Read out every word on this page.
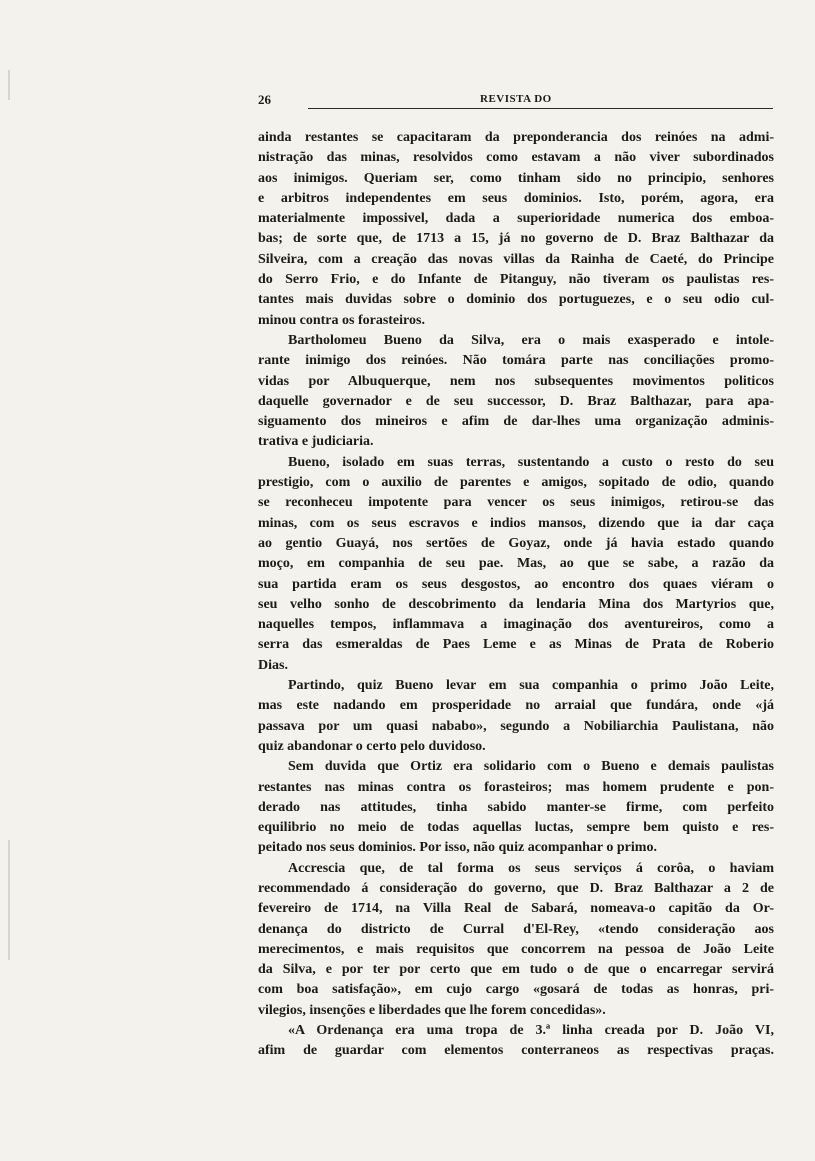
26	REVISTA DO
ainda restantes se capacitaram da preponderancia dos reinóes na admi-
nistração das minas, resolvidos como estavam a não viver subordinados
aos inimigos. Queriam ser, como tinham sido no principio, senhores
e arbitros independentes em seus dominios. Isto, porém, agora, era
materialmente impossivel, dada a superioridade numerica dos emboa-
bas; de sorte que, de 1713 a 15, já no governo de D. Braz Balthazar da
Silveira, com a creação das novas villas da Rainha de Caeté, do Principe
do Serro Frio, e do Infante de Pitanguy, não tiveram os paulistas res-
tantes mais duvidas sobre o dominio dos portuguezes, e o seu odio cul-
minou contra os forasteiros.
Bartholomeu Bueno da Silva, era o mais exasperado e intole-
rante inimigo dos reinóes. Não tomára parte nas conciliações promo-
vidas por Albuquerque, nem nos subsequentes movimentos politicos
daquelle governador e de seu successor, D. Braz Balthazar, para apa-
siguamento dos mineiros e afim de dar-lhes uma organização adminis-
trativa e judiciaria.
Bueno, isolado em suas terras, sustentando a custo o resto do seu
prestigio, com o auxilio de parentes e amigos, sopitado de odio, quando
se reconheceu impotente para vencer os seus inimigos, retirou-se das
minas, com os seus escravos e indios mansos, dizendo que ia dar caça
ao gentio Guayá, nos sertões de Goyaz, onde já havia estado quando
moço, em companhia de seu pae. Mas, ao que se sabe, a razão da
sua partida eram os seus desgostos, ao encontro dos quaes viéram o
seu velho sonho de descobrimento da lendaria Mina dos Martyrios que,
naquelles tempos, inflammava a imaginação dos aventureiros, como a
serra das esmeraldas de Paes Leme e as Minas de Prata de Roberio
Dias.
Partindo, quiz Bueno levar em sua companhia o primo João Leite,
mas este nadando em prosperidade no arraial que fundára, onde «já
passava por um quasi nababo», segundo a Nobiliarchia Paulistana, não
quiz abandonar o certo pelo duvidoso.
Sem duvida que Ortiz era solidario com o Bueno e demais paulistas
restantes nas minas contra os forasteiros; mas homem prudente e pon-
derado nas attitudes, tinha sabido manter-se firme, com perfeito
equilibrio no meio de todas aquellas luctas, sempre bem quisto e res-
peitado nos seus dominios. Por isso, não quiz acompanhar o primo.
Accrescia que, de tal forma os seus serviços á corôa, o haviam
recommendado á consideração do governo, que D. Braz Balthazar a 2 de
fevereiro de 1714, na Villa Real de Sabará, nomeava-o capitão da Or-
denança do districto de Curral d'El-Rey, «tendo consideração aos
merecimentos, e mais requisitos que concorrem na pessoa de João Leite
da Silva, e por ter por certo que em tudo o de que o encarregar servirá
com boa satisfação», em cujo cargo «gosará de todas as honras, pri-
vilegios, insenções e liberdades que lhe forem concedidas».
«A Ordenança era uma tropa de 3.ª linha creada por D. João VI,
afim de guardar com elementos conterraneos as respectivas praças.
